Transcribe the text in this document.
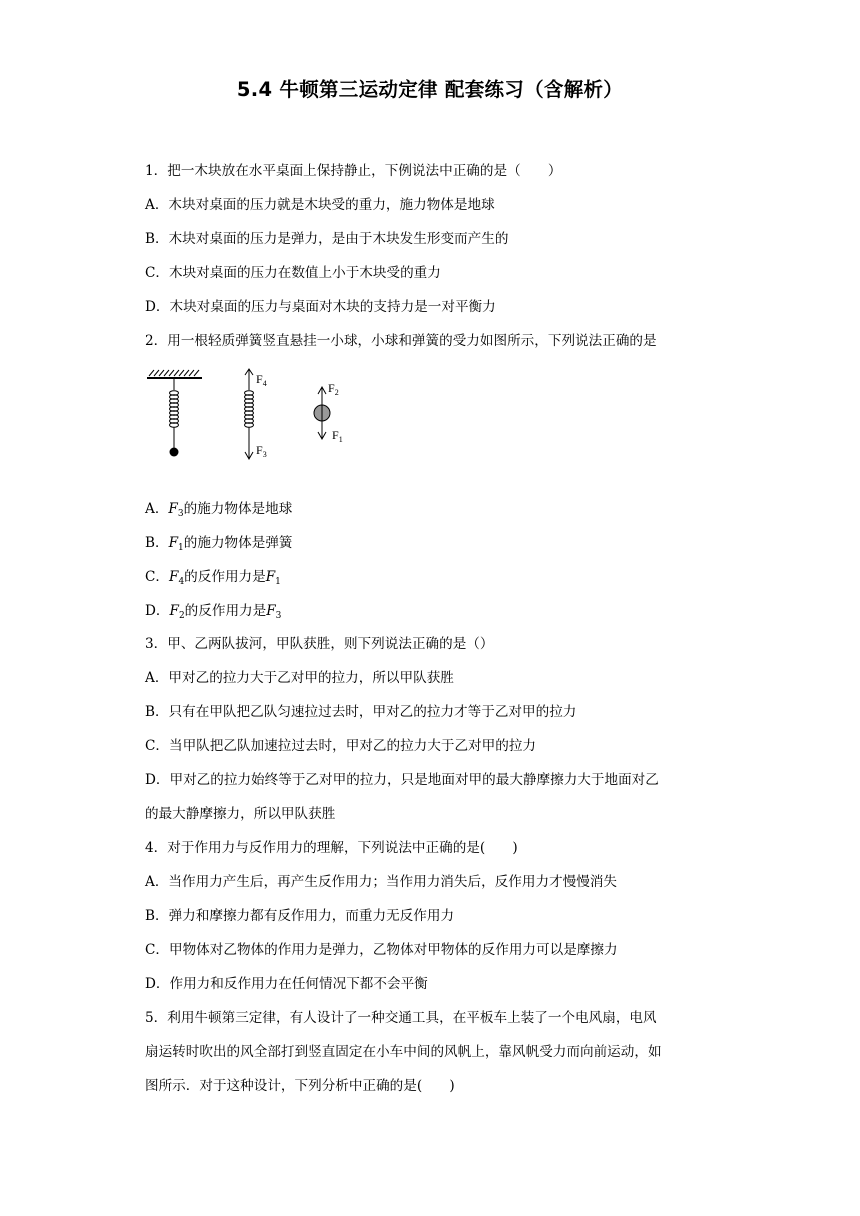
5.4 牛顿第三运动定律 配套练习（含解析）
1．把一木块放在水平桌面上保持静止，下例说法中正确的是（　　）
A．木块对桌面的压力就是木块受的重力，施力物体是地球
B．木块对桌面的压力是弹力，是由于木块发生形变而产生的
C．木块对桌面的压力在数值上小于木块受的重力
D．木块对桌面的压力与桌面对木块的支持力是一对平衡力
2．用一根轻质弹簧竖直悬挂一小球，小球和弹簧的受力如图所示，下列说法正确的是
$F_4$
$F_3$
$F_2$
$F_1$
A．$F_3$的施力物体是地球
B．$F_1$的施力物体是弹簧
C．$F_4$的反作用力是$F_1$
D．$F_2$的反作用力是$F_3$
3．甲、乙两队拔河，甲队获胜，则下列说法正确的是（）
A．甲对乙的拉力大于乙对甲的拉力，所以甲队获胜
B．只有在甲队把乙队匀速拉过去时，甲对乙的拉力才等于乙对甲的拉力
C．当甲队把乙队加速拉过去时，甲对乙的拉力大于乙对甲的拉力
D．甲对乙的拉力始终等于乙对甲的拉力，只是地面对甲的最大静摩擦力大于地面对乙
的最大静摩擦力，所以甲队获胜
4．对于作用力与反作用力的理解，下列说法中正确的是(　　)
A．当作用力产生后，再产生反作用力；当作用力消失后，反作用力才慢慢消失
B．弹力和摩擦力都有反作用力，而重力无反作用力
C．甲物体对乙物体的作用力是弹力，乙物体对甲物体的反作用力可以是摩擦力
D．作用力和反作用力在任何情况下都不会平衡
5．利用牛顿第三定律，有人设计了一种交通工具，在平板车上装了一个电风扇，电风
扇运转时吹出的风全部打到竖直固定在小车中间的风帆上，靠风帆受力而向前运动，如
图所示．对于这种设计，下列分析中正确的是(　　)
